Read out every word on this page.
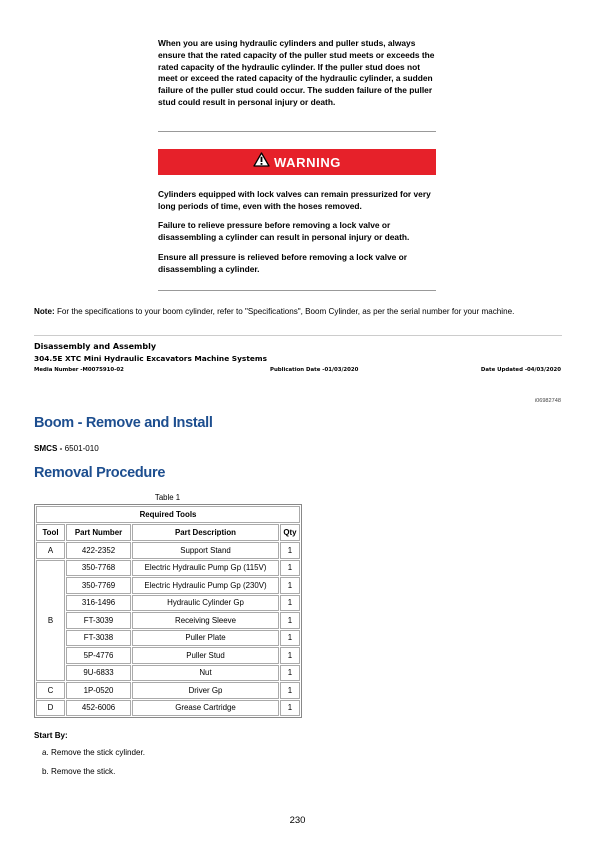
When you are using hydraulic cylinders and puller studs, always ensure that the rated capacity of the puller stud meets or exceeds the rated capacity of the hydraulic cylinder. If the puller stud does not meet or exceed the rated capacity of the hydraulic cylinder, a sudden failure of the puller stud could occur. The sudden failure of the puller stud could result in personal injury or death.
WARNING
Cylinders equipped with lock valves can remain pressurized for very long periods of time, even with the hoses removed.
Failure to relieve pressure before removing a lock valve or disassembling a cylinder can result in personal injury or death.
Ensure all pressure is relieved before removing a lock valve or disassembling a cylinder.
Note: For the specifications to your boom cylinder, refer to "Specifications", Boom Cylinder, as per the serial number for your machine.
Disassembly and Assembly
304.5E XTC Mini Hydraulic Excavators Machine Systems
Media Number -M0075910-02	Publication Date -01/03/2020	Date Updated -04/03/2020
i06982748
Boom - Remove and Install
SMCS - 6501-010
Removal Procedure
Table 1
Required Tools			
Tool	Part Number	Part Description	Qty
A	422-2352	Support Stand	1
B	350-7768	Electric Hydraulic Pump Gp (115V)	1
	350-7769	Electric Hydraulic Pump Gp (230V)	1
	316-1496	Hydraulic Cylinder Gp	1
	FT-3039	Receiving Sleeve	1
	FT-3038	Puller Plate	1
	5P-4776	Puller Stud	1
	9U-6833	Nut	1
C	1P-0520	Driver Gp	1
D	452-6006	Grease Cartridge	1
Start By:
a. Remove the stick cylinder.
b. Remove the stick.
230
